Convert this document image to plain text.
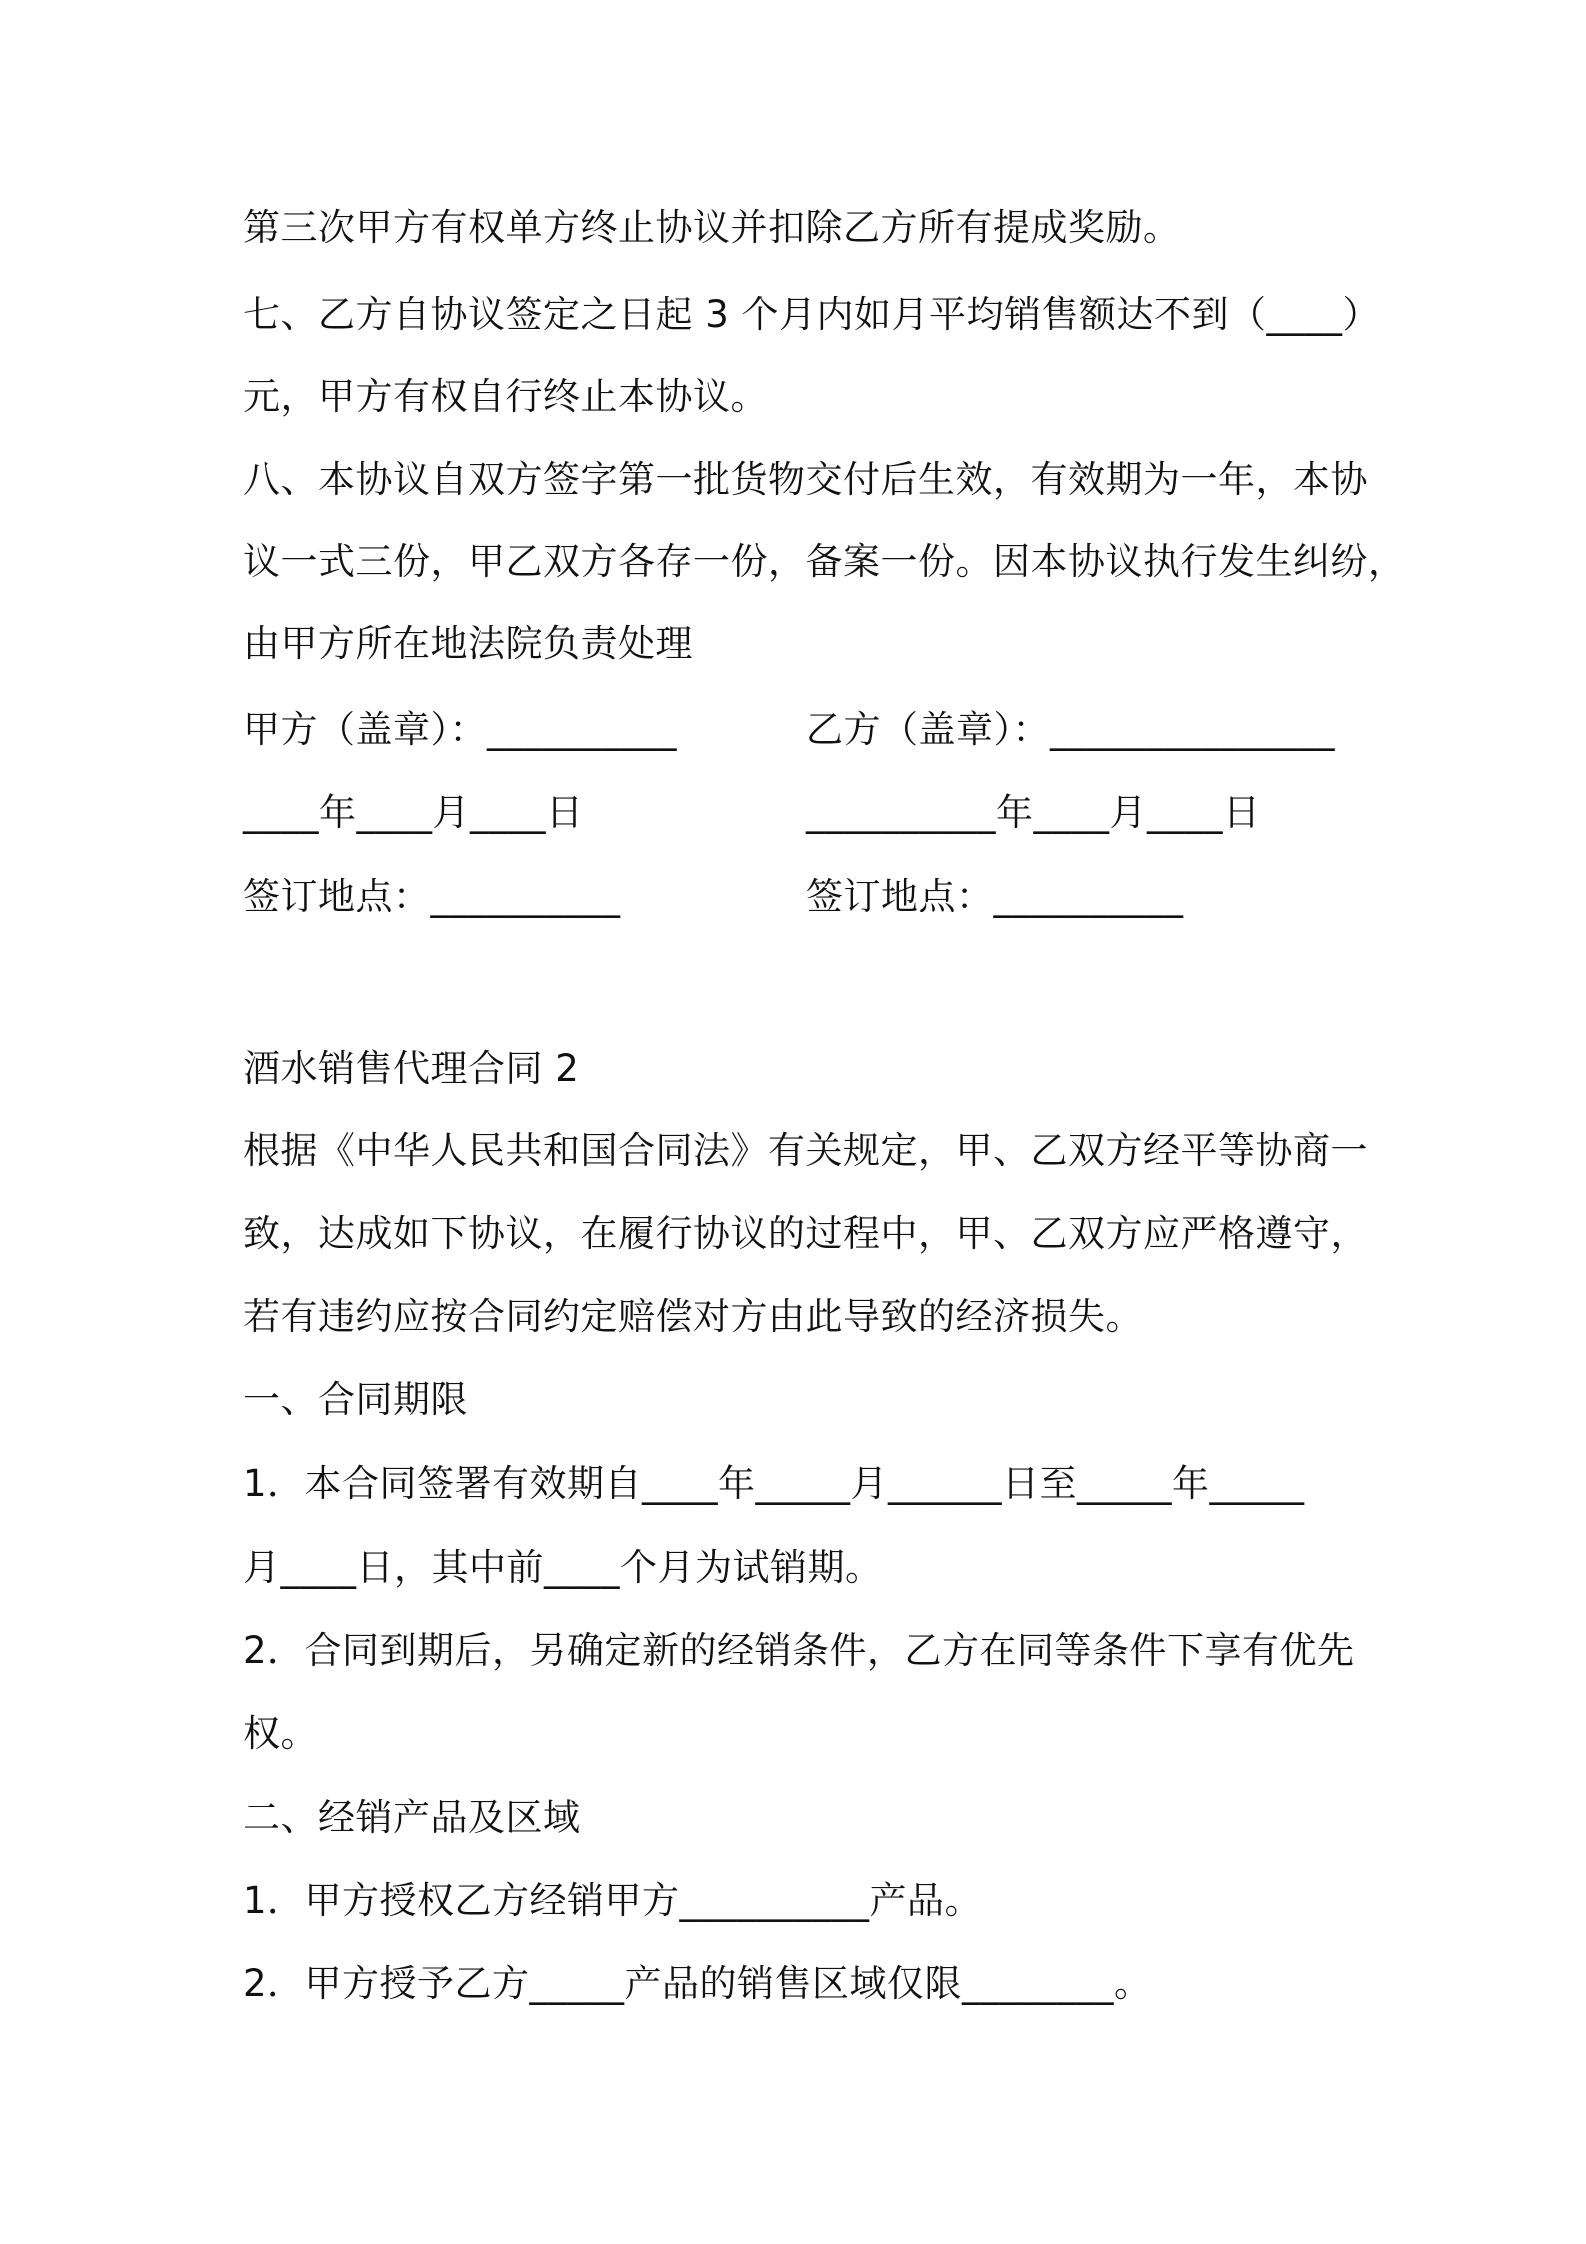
第三次甲方有权单方终止协议并扣除乙方所有提成奖励。

七、乙方自协议签定之日起 3 个月内如月平均销售额达不到（____）

元，甲方有权自行终止本协议。

八、本协议自双方签字第一批货物交付后生效，有效期为一年，本协

议一式三份，甲乙双方各存一份，备案一份。因本协议执行发生纠纷，

由甲方所在地法院负责处理

甲方（盖章）：__________	乙方（盖章）：_______________

____年____月____日	__________年____月____日

签订地点：__________	签订地点：__________

酒水销售代理合同 2

根据《中华人民共和国合同法》有关规定，甲、乙双方经平等协商一

致，达成如下协议，在履行协议的过程中，甲、乙双方应严格遵守，

若有违约应按合同约定赔偿对方由此导致的经济损失。

一、合同期限

1．本合同签署有效期自____年_____月______日至_____年_____

月____日，其中前____个月为试销期。

2．合同到期后，另确定新的经销条件，乙方在同等条件下享有优先

权。

二、经销产品及区域

1．甲方授权乙方经销甲方__________产品。

2．甲方授予乙方_____产品的销售区域仅限________。
